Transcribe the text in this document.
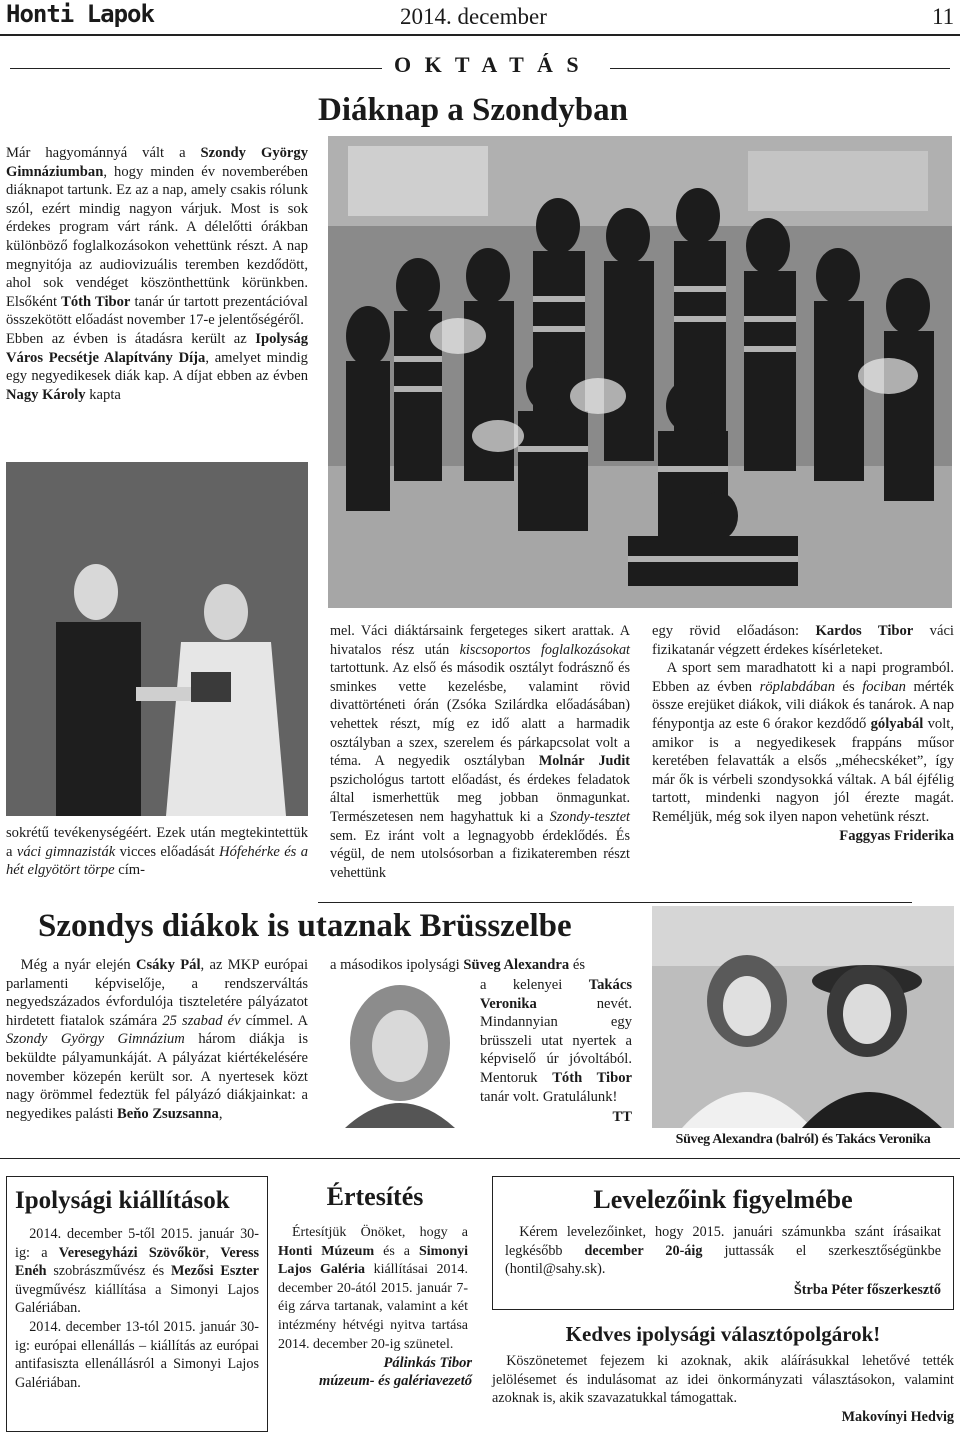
Honti Lapok	2014. december	11
O K T A T Á S
Diáknap a Szondyban

Már hagyománnyá vált a Szondy György Gimnáziumban, hogy minden év novemberében diáknapot tartunk. Ez az a nap, amely csakis rólunk szól, ezért mindig nagyon várjuk. Most is sok érdekes program várt ránk. A délelőtti órákban különböző foglalkozásokon vehettünk részt. A nap megnyitója az audiovizuális teremben kezdődött, ahol sok vendéget köszönthettünk körünkben. Elsőként Tóth Tibor tanár úr tartott prezentációval összekötött előadást november 17-e jelentőségéről.

Ebben az évben is átadásra került az Ipolyság Város Pecsétje Alapítvány Díja, amelyet mindig egy negyedikesek diák kap. A díjat ebben az évben Nagy Károly kapta

sokrétű tevékenységéért. Ezek után megtekintettük a váci gimnazisták vicces előadását Hófehérke és a hét elgyötört törpe cím-

mel. Váci diáktársaink fergeteges sikert arattak. A hivatalos rész után kiscsoportos foglalkozásokat tartottunk. Az első és második osztályt fodrásznő és sminkes vette kezelésbe, valamint rövid divattörténeti órán (Zsóka Szilárdka előadásában) vehettek részt, míg ez idő alatt a harmadik osztályban a szex, szerelem és párkapcsolat volt a téma. A negyedik osztályban Molnár Judit pszichológus tartott előadást, és érdekes feladatok által ismerhettük meg jobban önmagunkat. Természetesen nem hagyhattuk ki a Szondy-tesztet sem. Ez iránt volt a legnagyobb érdeklődés. És végül, de nem utolsósorban a fizikateremben részt vehettünk

egy rövid előadáson: Kardos Tibor váci fizikatanár végzett érdekes kísérleteket.

A sport sem maradhatott ki a napi programból. Ebben az évben röplabdában és fociban mérték össze erejüket diákok, vili diákok és tanárok. A nap fénypontja az este 6 órakor kezdődő gólyabál volt, amikor is a negyedikesek frappáns műsor keretében felavatták a elsős „méhecskéket”, így már ők is vérbeli szondysokká váltak. A bál éjfélig tartott, mindenki nagyon jól érezte magát. Reméljük, még sok ilyen napon vehetünk részt.

Faggyas Friderika
Szondys diákok is utaznak Brüsszelbe

Még a nyár elején Csáky Pál, az MKP európai parlamenti képviselője, a rendszerváltás negyedszázados évfordulója tiszteletére pályázatot hirdetett fiatalok számára 25 szabad év címmel. A Szondy György Gimnázium három diákja is beküldte pályamunkáját. A pályázat kiértékelésére november közepén került sor. A nyertesek közt nagy örömmel fedeztük fel pályázó diákjainkat: a negyedikes palásti Beňo Zsuzsanna,

a másodikos ipolysági Süveg Alexandra és

a kelenyei Takács Veronika nevét. Mindannyian egy brüsszeli utat nyertek a képviselő úr jóvoltából. Mentoruk Tóth Tibor tanár volt. Gratulálunk!

TT
Süveg Alexandra (balról) és Takács Veronika
Ipolysági kiállítások

2014. december 5-től 2015. január 30-ig: a Veresegyházi Szövőkör, Veress Enéh szobrászművész és Mezősi Eszter üvegművész kiállítása a Simonyi Lajos Galériában.

2014. december 13-tól 2015. január 30-ig: európai ellenállás – kiállítás az európai antifasiszta ellenállásról a Simonyi Lajos Galériában.

Értesítés

Értesítjük Önöket, hogy a Honti Múzeum és a Simonyi Lajos Galéria kiállításai 2014. december 20-ától 2015. január 7-éig zárva tartanak, valamint a két intézmény hétvégi nyitva tartása 2014. december 20-ig szünetel.

Pálinkás Tibor
múzeum- és galériavezető
Levelezőink figyelmébe

Kérem levelezőinket, hogy 2015. januári számunkba szánt írásaikat legkésőbb december 20-áig juttassák el szerkesztőségünkbe (hontil@sahy.sk).

Štrba Péter főszerkesztő
Kedves ipolysági választópolgárok!

Köszönetemet fejezem ki azoknak, akik aláírásukkal lehetővé tették jelölésemet és indulásomat az idei önkormányzati választásokon, valamint azoknak is, akik szavazatukkal támogattak.

Makovínyi Hedvig
